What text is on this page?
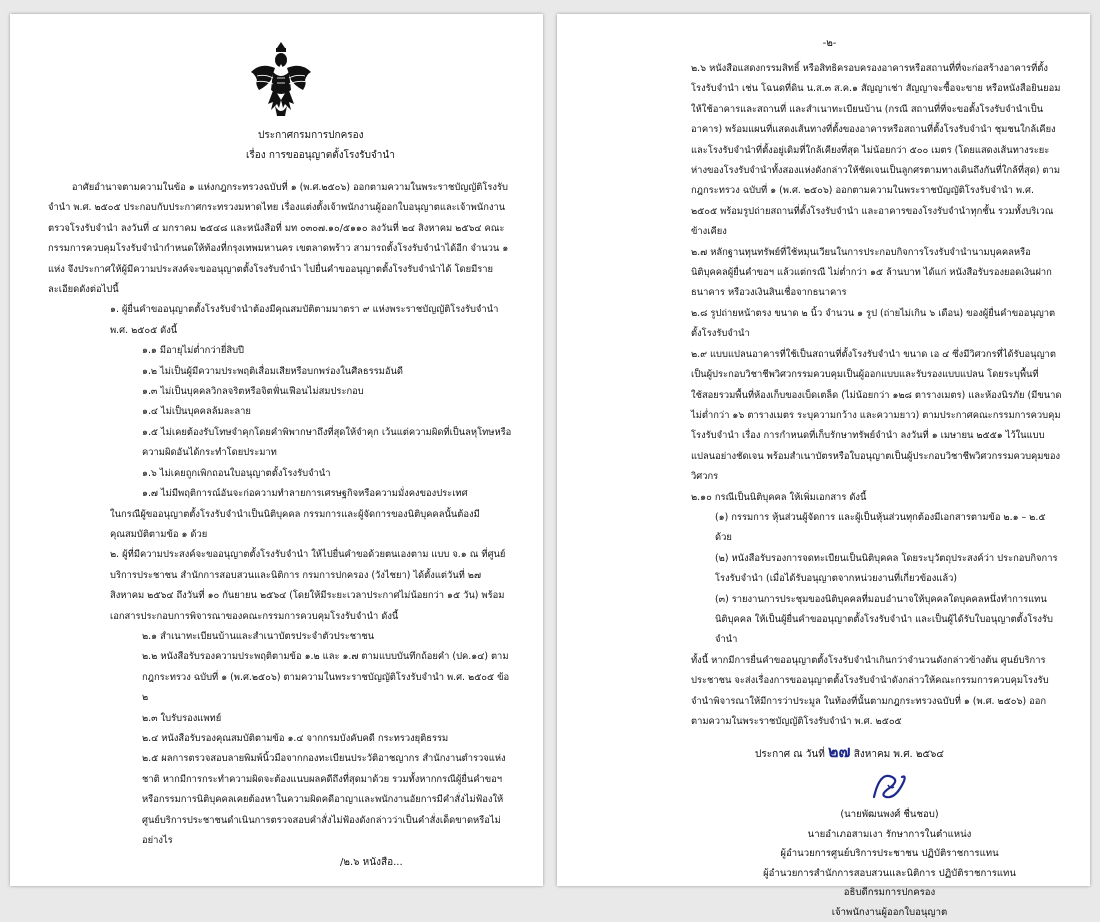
ประกาศกรมการปกครอง
เรื่อง การขออนุญาตตั้งโรงรับจำนำ

อาศัยอำนาจตามความในข้อ ๑ แห่งกฎกระทรวงฉบับที่ ๑ (พ.ศ.๒๕๐๖) ออกตามความในพระราชบัญญัติโรงรับจำนำ พ.ศ. ๒๕๐๕ ประกอบกับประกาศกระทรวงมหาดไทย เรื่องแต่งตั้งเจ้าพนักงานผู้ออกใบอนุญาตและเจ้าพนักงานตรวจโรงรับจำนำ ลงวันที่ ๔ มกราคม ๒๕๔๘ และหนังสือที่ มท ๐๓๐๗.๑๐/๕๑๑๐ ลงวันที่ ๒๔ สิงหาคม ๒๕๖๔ คณะกรรมการควบคุมโรงรับจำนำกำหนดให้ท้องที่กรุงเทพมหานคร เขตลาดพร้าว สามารถตั้งโรงรับจำนำได้อีก จำนวน ๑ แห่ง จึงประกาศให้ผู้มีความประสงค์จะขออนุญาตตั้งโรงรับจำนำ ไปยื่นคำขออนุญาตตั้งโรงรับจำนำได้ โดยมีรายละเอียดดังต่อไปนี้

๑. ผู้ยื่นคำขออนุญาตตั้งโรงรับจำนำต้องมีคุณสมบัติตามมาตรา ๙ แห่งพระราชบัญญัติโรงรับจำนำ พ.ศ. ๒๕๐๕ ดังนี้

๑.๑ มีอายุไม่ต่ำกว่ายี่สิบปี

๑.๒ ไม่เป็นผู้มีความประพฤติเสื่อมเสียหรือบกพร่องในศีลธรรมอันดี

๑.๓ ไม่เป็นบุคคลวิกลจริตหรือจิตฟั่นเฟือนไม่สมประกอบ

๑.๔ ไม่เป็นบุคคลล้มละลาย

๑.๕ ไม่เคยต้องรับโทษจำคุกโดยคำพิพากษาถึงที่สุดให้จำคุก เว้นแต่ความผิดที่เป็นลหุโทษหรือความผิดอันได้กระทำโดยประมาท

๑.๖ ไม่เคยถูกเพิกถอนใบอนุญาตตั้งโรงรับจำนำ

๑.๗ ไม่มีพฤติการณ์อันจะก่อความทำลายการเศรษฐกิจหรือความมั่งคงของประเทศ

ในกรณีผู้ขออนุญาตตั้งโรงรับจำนำเป็นนิติบุคคล กรรมการและผู้จัดการของนิติบุคคลนั้นต้องมีคุณสมบัติตามข้อ ๑ ด้วย

๒. ผู้ที่มีความประสงค์จะขออนุญาตตั้งโรงรับจำนำ ให้ไปยื่นคำขอด้วยตนเองตาม แบบ จ.๑ ณ ที่ศูนย์บริการประชาชน สำนักการสอบสวนและนิติการ กรมการปกครอง (วังไชยา) ได้ตั้งแต่วันที่ ๒๗ สิงหาคม ๒๕๖๔ ถึงวันที่ ๑๐ กันยายน ๒๕๖๔ (โดยให้มีระยะเวลาประกาศไม่น้อยกว่า ๑๕ วัน) พร้อมเอกสารประกอบการพิจารณาของคณะกรรมการควบคุมโรงรับจำนำ ดังนี้

๒.๑ สำเนาทะเบียนบ้านและสำเนาบัตรประจำตัวประชาชน

๒.๒ หนังสือรับรองความประพฤติตามข้อ ๑.๒ และ ๑.๗ ตามแบบบันทึกถ้อยคำ (ปค.๑๔) ตามกฎกระทรวง ฉบับที่ ๑ (พ.ศ.๒๕๐๖) ตามความในพระราชบัญญัติโรงรับจำนำ พ.ศ. ๒๕๐๕ ข้อ ๒

๒.๓ ใบรับรองแพทย์

๒.๔ หนังสือรับรองคุณสมบัติตามข้อ ๑.๔ จากกรมบังคับคดี กระทรวงยุติธรรม

๒.๕ ผลการตรวจสอบลายพิมพ์นิ้วมือจากกองทะเบียนประวัติอาชญากร สำนักงานตำรวจแห่งชาติ หากมีการกระทำความผิดจะต้องแนบผลคดีถึงที่สุดมาด้วย รวมทั้งหากกรณีผู้ยื่นคำขอฯ หรือกรรมการนิติบุคคลเคยต้องหาในความผิดคดีอาญาและพนักงานอัยการมีคำสั่งไม่ฟ้องให้ศูนย์บริการประชาชนดำเนินการตรวจสอบคำสั่งไม่ฟ้องดังกล่าวว่าเป็นคำสั่งเด็ดขาดหรือไม่อย่างไร

/๒.๖ หนังสือ...
-๒-

๒.๖ หนังสือแสดงกรรมสิทธิ์ หรือสิทธิครอบครองอาคารหรือสถานที่ที่จะก่อสร้างอาคารที่ตั้งโรงรับจำนำ เช่น โฉนดที่ดิน น.ส.๓ ส.ค.๑ สัญญาเช่า สัญญาจะซื้อจะขาย หรือหนังสือยินยอมให้ใช้อาคารและสถานที่ และสำเนาทะเบียนบ้าน (กรณี สถานที่ที่จะขอตั้งโรงรับจำนำเป็นอาคาร) พร้อมแผนที่แสดงเส้นทางที่ตั้งของอาคารหรือสถานที่ตั้งโรงรับจำนำ ชุมชนใกล้เคียง และโรงรับจำนำที่ตั้งอยู่เดิมที่ใกล้เคียงที่สุด ไม่น้อยกว่า ๕๐๐ เมตร (โดยแสดงเส้นทางระยะห่างของโรงรับจำนำทั้งสองแห่งดังกล่าวให้ชัดเจนเป็นลูกศรตามทางเดินถึงกันที่ใกล้ที่สุด) ตามกฎกระทรวง ฉบับที่ ๑ (พ.ศ. ๒๕๐๖) ออกตามความในพระราชบัญญัติโรงรับจำนำ พ.ศ. ๒๕๐๕ พร้อมรูปถ่ายสถานที่ตั้งโรงรับจำนำ และอาคารของโรงรับจำนำทุกชั้น รวมทั้งบริเวณข้างเคียง

๒.๗ หลักฐานทุนทรัพย์ที่ใช้หมุนเวียนในการประกอบกิจการโรงรับจำนำนามบุคคลหรือนิติบุคคลผู้ยื่นคำขอฯ แล้วแต่กรณี ไม่ต่ำกว่า ๑๕ ล้านบาท ได้แก่ หนังสือรับรองยอดเงินฝากธนาคาร หรือวงเงินสินเชื่อจากธนาคาร

๒.๘ รูปถ่ายหน้าตรง ขนาด ๒ นิ้ว จำนวน ๑ รูป (ถ่ายไม่เกิน ๖ เดือน) ของผู้ยื่นคำขออนุญาตตั้งโรงรับจำนำ

๒.๙ แบบแปลนอาคารที่ใช้เป็นสถานที่ตั้งโรงรับจำนำ ขนาด เอ ๔ ซึ่งมีวิศวกรที่ได้รับอนุญาตเป็นผู้ประกอบวิชาชีพวิศวกรรมควบคุมเป็นผู้ออกแบบและรับรองแบบแปลน โดยระบุพื้นที่ใช้สอยรวมพื้นที่ห้องเก็บของเบ็ดเตล็ด (ไม่น้อยกว่า ๑๒๘ ตารางเมตร) และห้องนิรภัย (มีขนาดไม่ต่ำกว่า ๑๖ ตารางเมตร ระบุความกว้าง และความยาว) ตามประกาศคณะกรรมการควบคุมโรงรับจำนำ เรื่อง การกำหนดที่เก็บรักษาทรัพย์จำนำ ลงวันที่ ๑ เมษายน ๒๕๕๑ ไว้ในแบบแปลนอย่างชัดเจน พร้อมสำเนาบัตรหรือใบอนุญาตเป็นผู้ประกอบวิชาชีพวิศวกรรมควบคุมของวิศวกร

๒.๑๐ กรณีเป็นนิติบุคคล ให้เพิ่มเอกสาร ดังนี้

(๑) กรรมการ หุ้นส่วนผู้จัดการ และผู้เป็นหุ้นส่วนทุกต้องมีเอกสารตามข้อ ๒.๑ – ๒.๕ ด้วย

(๒) หนังสือรับรองการจดทะเบียนเป็นนิติบุคคล โดยระบุวัตถุประสงค์ว่า ประกอบกิจการโรงรับจำนำ (เมื่อได้รับอนุญาตจากหน่วยงานที่เกี่ยวข้องแล้ว)

(๓) รายงานการประชุมของนิติบุคคลที่มอบอำนาจให้บุคคลใดบุคคลหนึ่งทำการแทนนิติบุคคล ให้เป็นผู้ยื่นคำขออนุญาตตั้งโรงรับจำนำ และเป็นผู้ได้รับใบอนุญาตตั้งโรงรับจำนำ

ทั้งนี้ หากมีการยื่นคำขออนุญาตตั้งโรงรับจำนำเกินกว่าจำนวนดังกล่าวข้างต้น ศูนย์บริการประชาชน จะส่งเรื่องการขออนุญาตตั้งโรงรับจำนำดังกล่าวให้คณะกรรมการควบคุมโรงรับจำนำพิจารณาให้มีการว่าประมูล ในท้องที่นั้นตามกฎกระทรวงฉบับที่ ๑ (พ.ศ. ๒๕๐๖) ออกตามความในพระราชบัญญัติโรงรับจำนำ พ.ศ. ๒๕๐๕

ประกาศ ณ วันที่ ๒๗ สิงหาคม พ.ศ. ๒๕๖๔
(นายพัฒนพงศ์ ชื่นชอบ)
นายอำเภอสามเงา รักษาการในตำแหน่ง
ผู้อำนวยการศูนย์บริการประชาชน ปฏิบัติราชการแทน
ผู้อำนวยการสำนักการสอบสวนและนิติการ ปฏิบัติราชการแทน
อธิบดีกรมการปกครอง
เจ้าพนักงานผู้ออกใบอนุญาต
